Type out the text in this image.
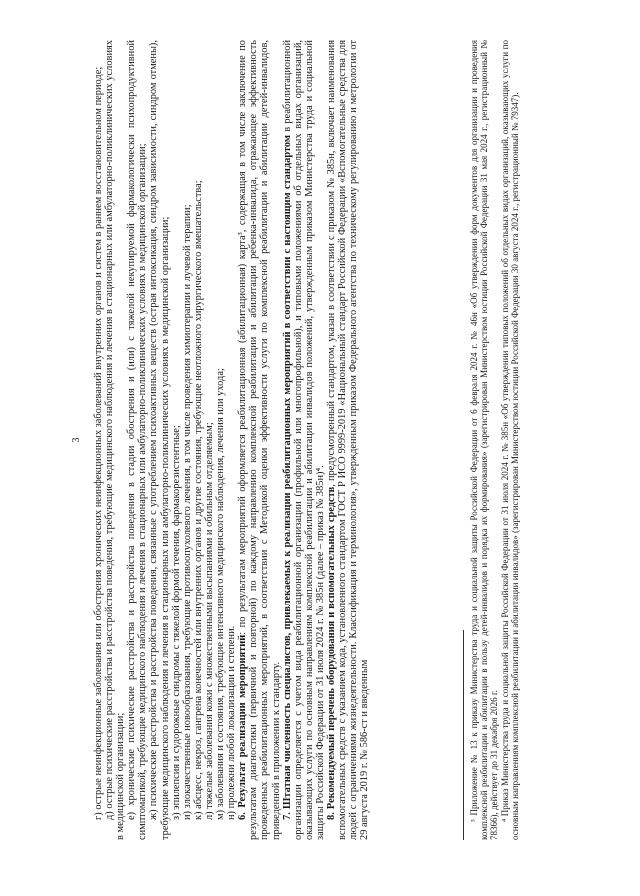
3 г) острые неинфекционные заболевания или обострения хронических неинфекционных заболеваний внутренних органов и систем в раннем восстановительном периоде; д) острые психические расстройства и расстройства поведения, требующие медицинского наблюдения и лечения в стационарных или амбулаторно-поликлинических условиях в медицинской организации; е) хронические психические расстройства и расстройства поведения в стадии обострения и (или) с тяжелой некупируемой фармакологически психопродуктивной симптоматикой, требующие медицинского наблюдения и лечения в стационарных или амбулаторно-поликлинических условиях в медицинской организации; ж) психические расстройства и расстройства поведения, связанные с употреблением психоактивных веществ (острая интоксикация, синдром зависимости, синдром отмены), требующие медицинского наблюдения и лечения в стационарных или амбулаторно-поликлинических условиях в медицинской организации; з) эпилепсия и судорожные синдромы с тяжелой формой течения, фармакорезистентные; и) злокачественные новообразования, требующие противоопухолевого лечения, в том числе проведения химиотерапии и лучевой терапии; к) абсцесс, некроз, гангрена конечностей или внутренних органов и другие состояния, требующие неотложного хирургического вмешательства; л) тяжелые заболевания кожи с множественными высыпаниями и обильным отделяемым; м) заболевания и состояния, требующие интенсивного медицинского наблюдения, лечения или ухода; н) пролежни любой локализации и степени. 6. Результат реализации мероприятий: по результатам мероприятий оформляется реабилитационная (абилитационная) карта³, содержащая в том числе заключение по результатам диагностики (первичной и повторной) по каждому направлению комплексной реабилитации и абилитации ребенка-инвалида, отражающее эффективность проведенных реабилитационных мероприятий, в соответствии с Методикой оценки эффективности услуги по комплексной реабилитации и абилитации детей-инвалидов, приведенной в приложении к стандарту. 7. Штатная численность специалистов, привлекаемых к реализации реабилитационных мероприятий в соответствии с настоящим стандартом в реабилитационной организации определяется с учетом вида реабилитационной организации (профильной или многопрофильной), и типовыми положениями об отдельных видах организаций, оказывающих услуги по основным направлениям комплексной реабилитации и абилитации инвалидов положений, утвержденным приказом Министерства труда и социальной защиты Российской Федерации от 31 июля 2024 г. № 385н (далее – приказ № 385н)⁴. 8. Рекомендуемый перечень оборудования и вспомогательных средств, предусмотренный стандартом, указан в соответствии с приказом № 385н, включает наименования вспомогательных средств с указанием кода, установленного стандартом ГОСТ Р ИСО 9999-2019 «Национальный стандарт Российской Федерации «Вспомогательные средства для людей с ограничениями жизнедеятельности. Классификация и терминология», утвержденным приказом Федерального агентства по техническому регулированию и метрологии от 29 августа 2019 г. № 586-ст и введенным	³ Приложение № 13 к приказу Министерства труда и социальной защиты Российской Федерации от 6 февраля 2024 г. № 46н «Об утверждении форм документов для организации и проведения комплексной реабилитации и абилитации в пользу детей-инвалидов и порядка их формирования» (зарегистрирован Министерством юстиции Российской Федерации 31 мая 2024 г., регистрационный № 78366), действует до 31 декабря 2026 г. ⁴ Приказ Министерства труда и социальной защиты Российской Федерации от 31 июля 2024 г. № 385н «Об утверждении типовых положений об отдельных видах организаций, оказывающих услуги по основным направлениям комплексной реабилитации и абилитации инвалидов» (зарегистрирован Министерством юстиции Российской Федерации 30 августа 2024 г., регистрационный № 79347).
